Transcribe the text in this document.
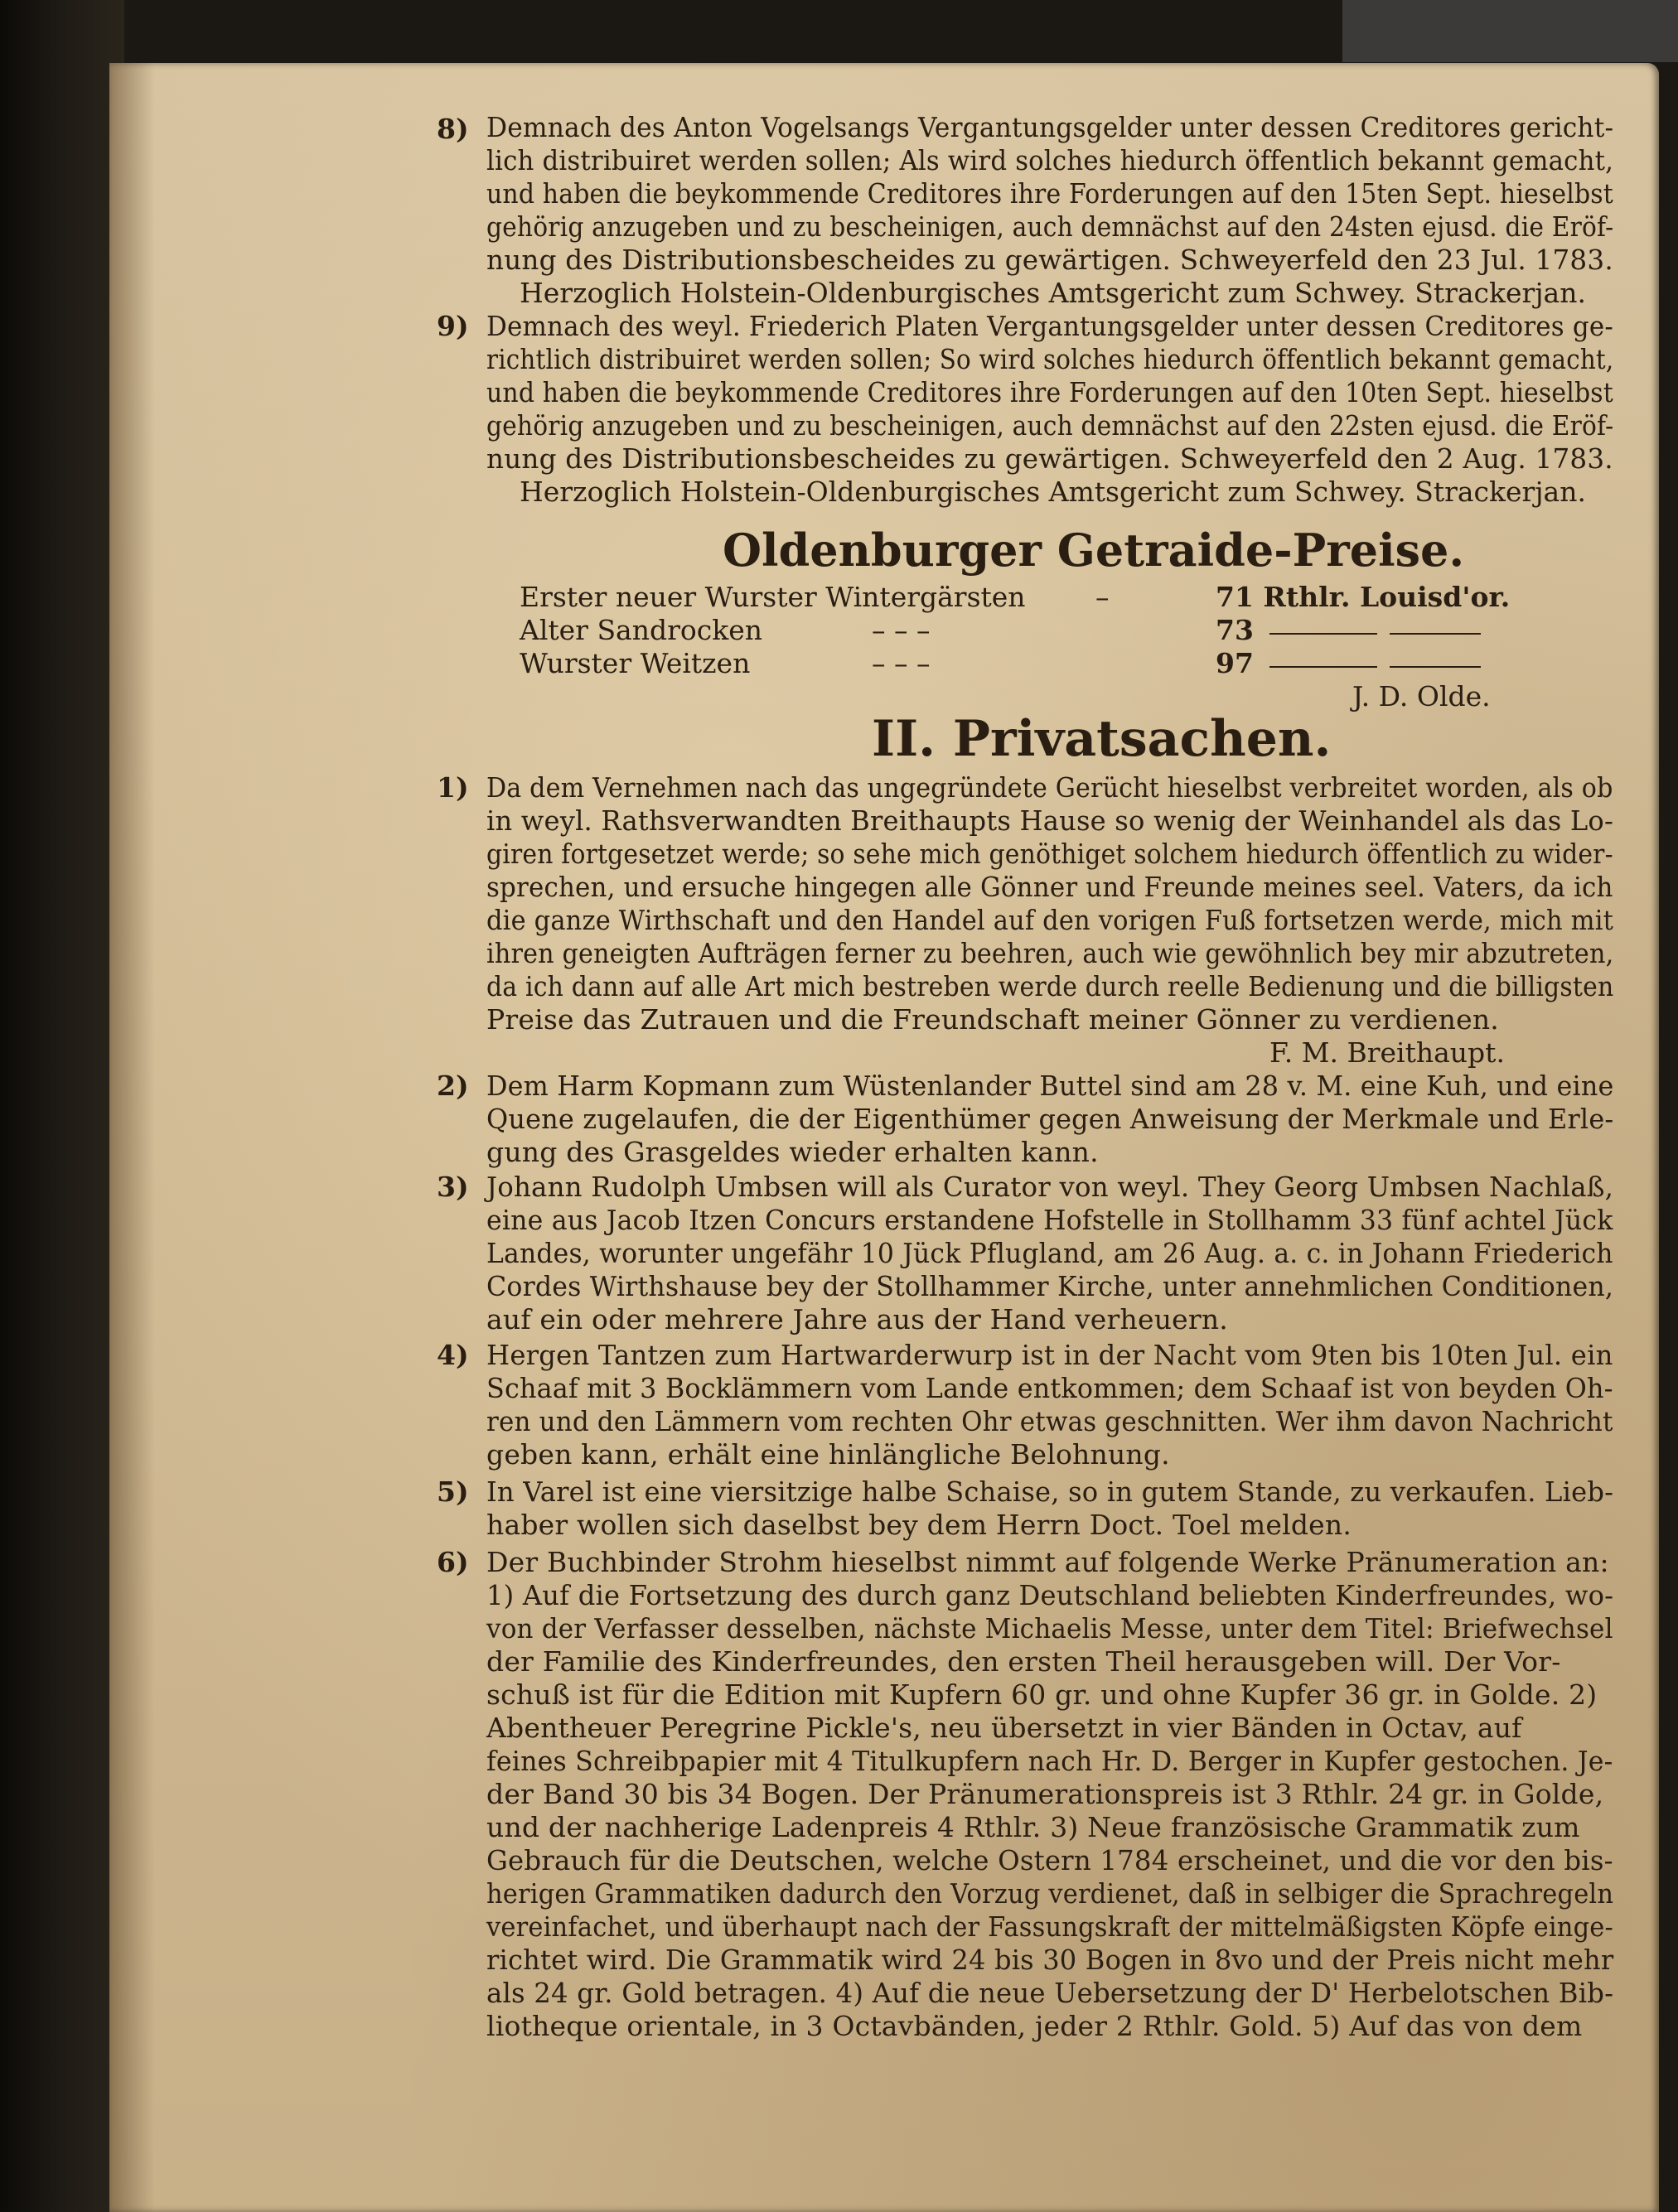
8) Demnach des Anton Vogelsangs Vergantungsgelder unter dessen Creditores gericht-
lich distribuiret werden sollen; Als wird solches hiedurch öffentlich bekannt gemacht,
und haben die beykommende Creditores ihre Forderungen auf den 15ten Sept. hieselbst
gehörig anzugeben und zu bescheinigen, auch demnächst auf den 24sten ejusd. die Eröf-
nung des Distributionsbescheides zu gewärtigen. Schweyerfeld den 23 Jul. 1783.
Herzoglich Holstein-Oldenburgisches Amtsgericht zum Schwey. Strackerjan.
9) Demnach des weyl. Friederich Platen Vergantungsgelder unter dessen Creditores ge-
richtlich distribuiret werden sollen; So wird solches hiedurch öffentlich bekannt gemacht,
und haben die beykommende Creditores ihre Forderungen auf den 10ten Sept. hieselbst
gehörig anzugeben und zu bescheinigen, auch demnächst auf den 22sten ejusd. die Eröf-
nung des Distributionsbescheides zu gewärtigen. Schweyerfeld den 2 Aug. 1783.
Herzoglich Holstein-Oldenburgisches Amtsgericht zum Schwey. Strackerjan.
Oldenburger Getraide-Preise.
Erster neuer Wurster Wintergärsten	–	71 Rthlr. Louisd'or.
Alter Sandrocken	– – –	73
Wurster Weitzen	– – –	97
J. D. Olde.
II. Privatsachen.
1) Da dem Vernehmen nach das ungegründete Gerücht hieselbst verbreitet worden, als ob
in weyl. Rathsverwandten Breithaupts Hause so wenig der Weinhandel als das Lo-
giren fortgesetzet werde; so sehe mich genöthiget solchem hiedurch öffentlich zu wider-
sprechen, und ersuche hingegen alle Gönner und Freunde meines seel. Vaters, da ich
die ganze Wirthschaft und den Handel auf den vorigen Fuß fortsetzen werde, mich mit
ihren geneigten Aufträgen ferner zu beehren, auch wie gewöhnlich bey mir abzutreten,
da ich dann auf alle Art mich bestreben werde durch reelle Bedienung und die billigsten
Preise das Zutrauen und die Freundschaft meiner Gönner zu verdienen.
F. M. Breithaupt.
2) Dem Harm Kopmann zum Wüstenlander Buttel sind am 28 v. M. eine Kuh, und eine
Quene zugelaufen, die der Eigenthümer gegen Anweisung der Merkmale und Erle-
gung des Grasgeldes wieder erhalten kann.
3) Johann Rudolph Umbsen will als Curator von weyl. They Georg Umbsen Nachlaß,
eine aus Jacob Itzen Concurs erstandene Hofstelle in Stollhamm 33 fünf achtel Jück
Landes, worunter ungefähr 10 Jück Pflugland, am 26 Aug. a. c. in Johann Friederich
Cordes Wirthshause bey der Stollhammer Kirche, unter annehmlichen Conditionen,
auf ein oder mehrere Jahre aus der Hand verheuern.
4) Hergen Tantzen zum Hartwarderwurp ist in der Nacht vom 9ten bis 10ten Jul. ein
Schaaf mit 3 Bocklämmern vom Lande entkommen; dem Schaaf ist von beyden Oh-
ren und den Lämmern vom rechten Ohr etwas geschnitten. Wer ihm davon Nachricht
geben kann, erhält eine hinlängliche Belohnung.
5) In Varel ist eine viersitzige halbe Schaise, so in gutem Stande, zu verkaufen. Lieb-
haber wollen sich daselbst bey dem Herrn Doct. Toel melden.
6) Der Buchbinder Strohm hieselbst nimmt auf folgende Werke Pränumeration an:
1) Auf die Fortsetzung des durch ganz Deutschland beliebten Kinderfreundes, wo-
von der Verfasser desselben, nächste Michaelis Messe, unter dem Titel: Briefwechsel
der Familie des Kinderfreundes, den ersten Theil herausgeben will. Der Vor-
schuß ist für die Edition mit Kupfern 60 gr. und ohne Kupfer 36 gr. in Golde. 2)
Abentheuer Peregrine Pickle's, neu übersetzt in vier Bänden in Octav, auf
feines Schreibpapier mit 4 Titulkupfern nach Hr. D. Berger in Kupfer gestochen. Je-
der Band 30 bis 34 Bogen. Der Pränumerationspreis ist 3 Rthlr. 24 gr. in Golde,
und der nachherige Ladenpreis 4 Rthlr. 3) Neue französische Grammatik zum
Gebrauch für die Deutschen, welche Ostern 1784 erscheinet, und die vor den bis-
herigen Grammatiken dadurch den Vorzug verdienet, daß in selbiger die Sprachregeln
vereinfachet, und überhaupt nach der Fassungskraft der mittelmäßigsten Köpfe einge-
richtet wird. Die Grammatik wird 24 bis 30 Bogen in 8vo und der Preis nicht mehr
als 24 gr. Gold betragen. 4) Auf die neue Uebersetzung der D' Herbelotschen Bib-
liotheque orientale, in 3 Octavbänden, jeder 2 Rthlr. Gold. 5) Auf das von dem
